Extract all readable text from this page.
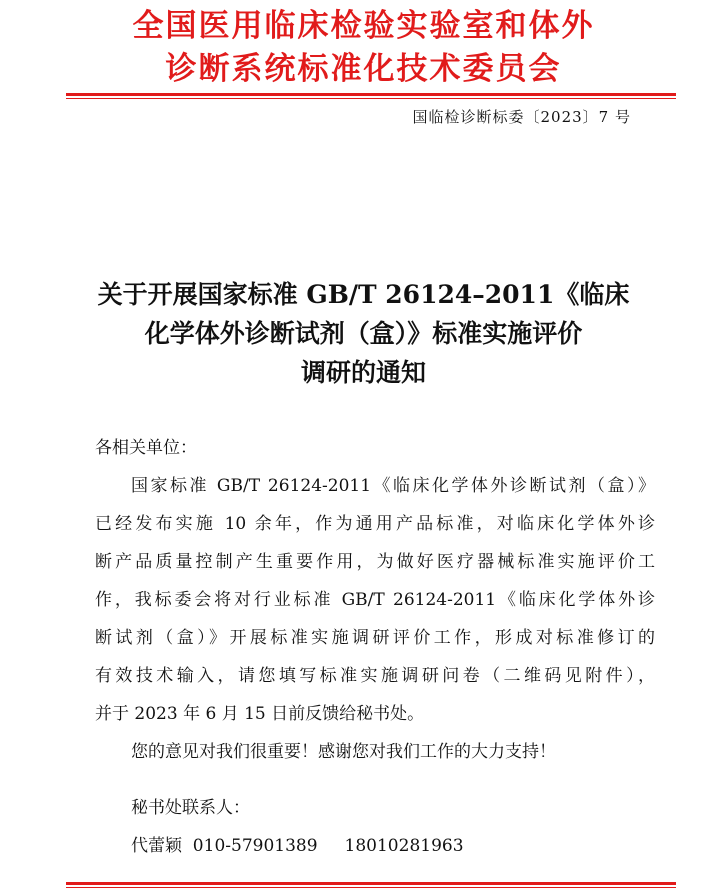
全国医用临床检验实验室和体外
诊断系统标准化技术委员会
国临检诊断标委〔2023〕7 号
关于开展国家标准 GB/T 26124–2011《临床
化学体外诊断试剂（盒）》标准实施评价
调研的通知
各相关单位：
国家标准 GB/T 26124-2011《临床化学体外诊断试剂（盒）》
已经发布实施 10 余年，作为通用产品标准，对临床化学体外诊
断产品质量控制产生重要作用，为做好医疗器械标准实施评价工
作，我标委会将对行业标准 GB/T 26124-2011《临床化学体外诊
断试剂（盒）》开展标准实施调研评价工作，形成对标准修订的
有效技术输入，请您填写标准实施调研问卷（二维码见附件），
并于 2023 年 6 月 15 日前反馈给秘书处。
您的意见对我们很重要！感谢您对我们工作的大力支持！
秘书处联系人：
代蕾颖  010-57901389     18010281963
